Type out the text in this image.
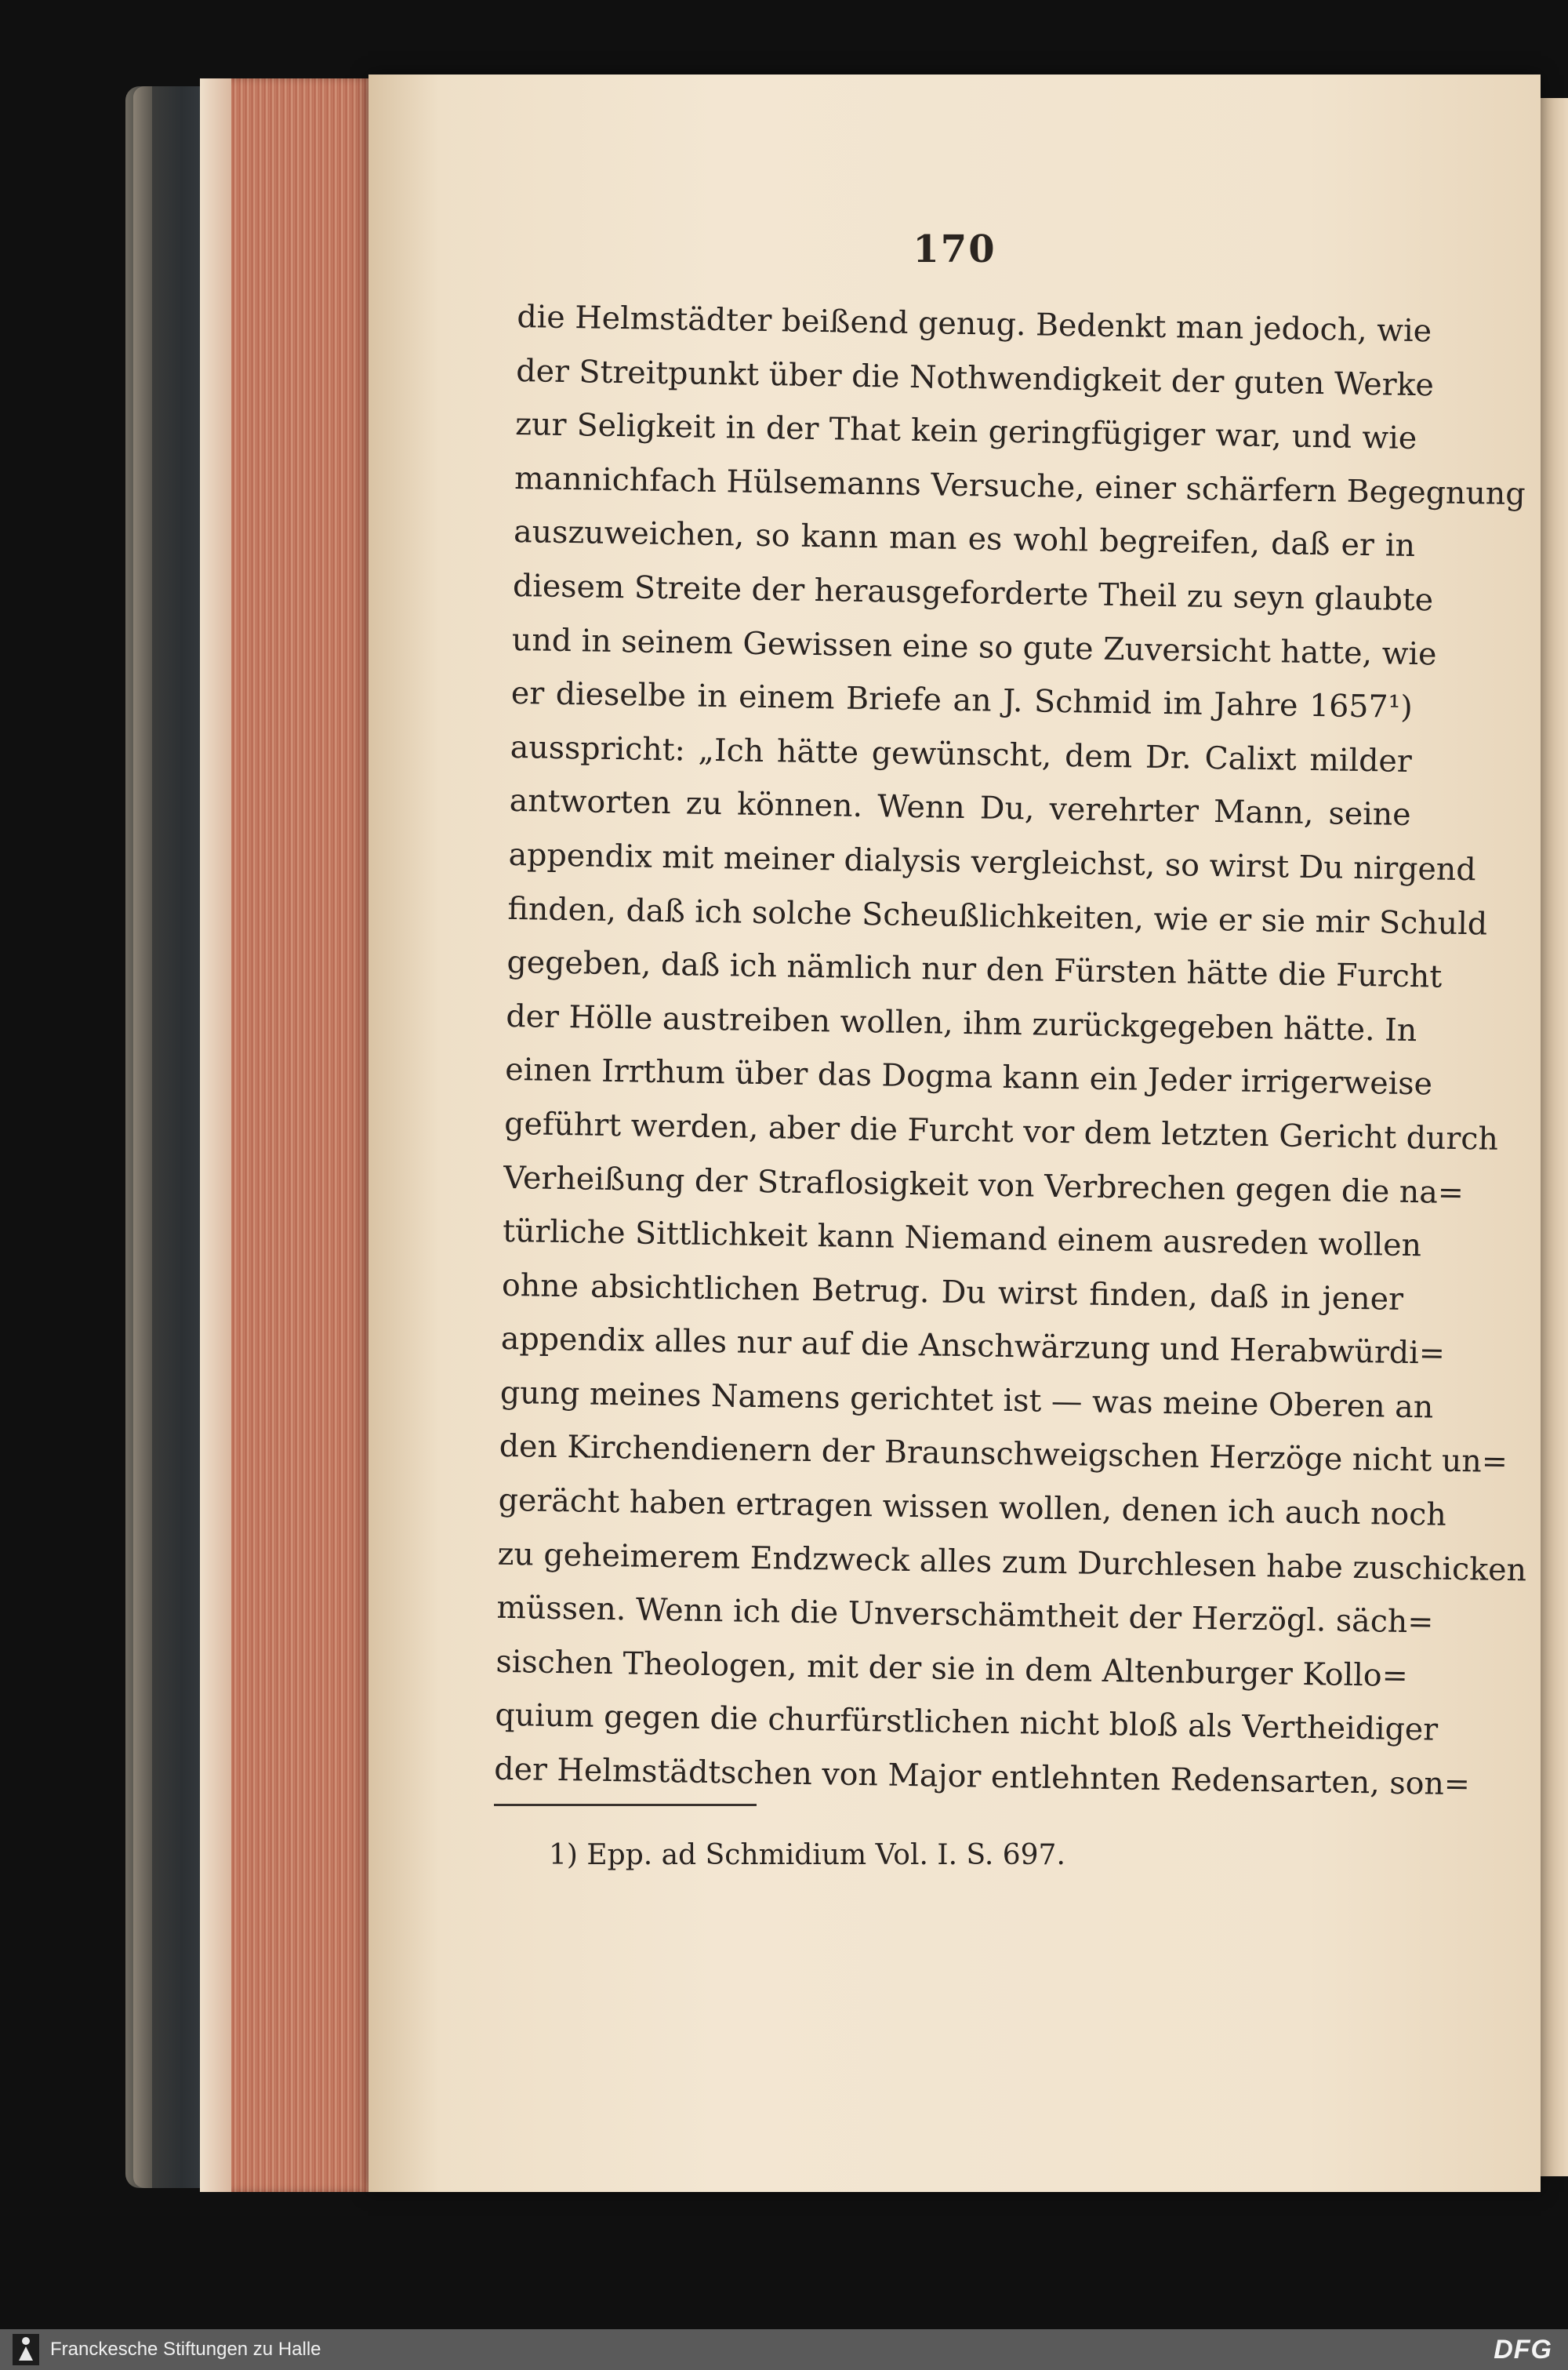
170
die Helmstädter beißend genug. Bedenkt man jedoch, wie
der Streitpunkt über die Nothwendigkeit der guten Werke
zur Seligkeit in der That kein geringfügiger war, und wie
mannichfach Hülsemanns Versuche, einer schärfern Begegnung
auszuweichen, so kann man es wohl begreifen, daß er in
diesem Streite der herausgeforderte Theil zu seyn glaubte
und in seinem Gewissen eine so gute Zuversicht hatte, wie
er dieselbe in einem Briefe an J. Schmid im Jahre 1657¹)
ausspricht: „Ich hätte gewünscht, dem Dr. Calixt milder
antworten zu können. Wenn Du, verehrter Mann, seine
appendix mit meiner dialysis vergleichst, so wirst Du nirgend
finden, daß ich solche Scheußlichkeiten, wie er sie mir Schuld
gegeben, daß ich nämlich nur den Fürsten hätte die Furcht
der Hölle austreiben wollen, ihm zurückgegeben hätte. In
einen Irrthum über das Dogma kann ein Jeder irrigerweise
geführt werden, aber die Furcht vor dem letzten Gericht durch
Verheißung der Straflosigkeit von Verbrechen gegen die na=
türliche Sittlichkeit kann Niemand einem ausreden wollen
ohne absichtlichen Betrug. Du wirst finden, daß in jener
appendix alles nur auf die Anschwärzung und Herabwürdi=
gung meines Namens gerichtet ist — was meine Oberen an
den Kirchendienern der Braunschweigschen Herzöge nicht un=
gerächt haben ertragen wissen wollen, denen ich auch noch
zu geheimerem Endzweck alles zum Durchlesen habe zuschicken
müssen. Wenn ich die Unverschämtheit der Herzögl. säch=
sischen Theologen, mit der sie in dem Altenburger Kollo=
quium gegen die churfürstlichen nicht bloß als Vertheidiger
der Helmstädtschen von Major entlehnten Redensarten, son=
1) Epp. ad Schmidium Vol. I. S. 697.
Franckesche Stiftungen zu Halle	DFG
